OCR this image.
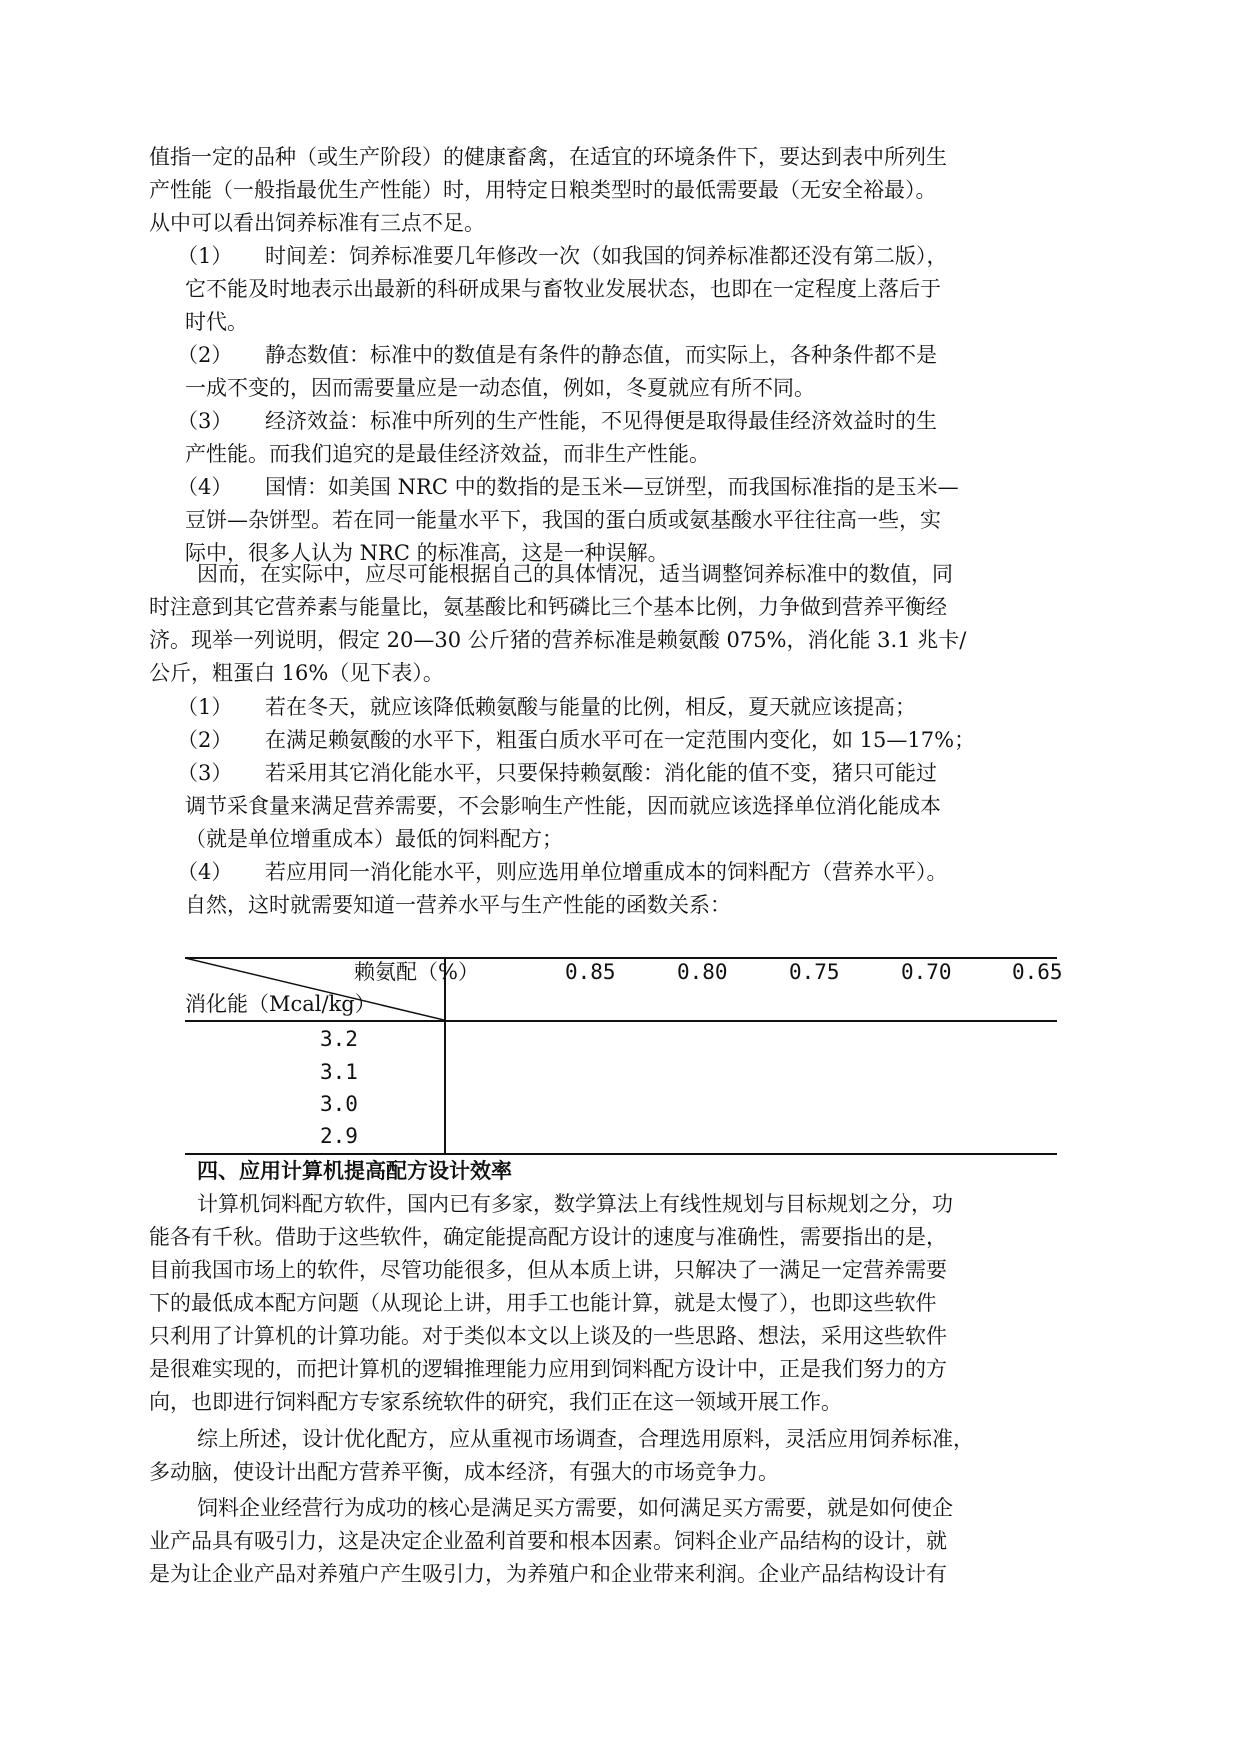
值指一定的品种（或生产阶段）的健康畜禽，在适宜的环境条件下，要达到表中所列生
产性能（一般指最优生产性能）时，用特定日粮类型时的最低需要最（无安全裕最）。
从中可以看出饲养标准有三点不足。
（1） 时间差：饲养标准要几年修改一次（如我国的饲养标准都还没有第二版），
它不能及时地表示出最新的科研成果与畜牧业发展状态，也即在一定程度上落后于
时代。
（2） 静态数值：标准中的数值是有条件的静态值，而实际上，各种条件都不是
一成不变的，因而需要量应是一动态值，例如，冬夏就应有所不同。
（3） 经济效益：标准中所列的生产性能，不见得便是取得最佳经济效益时的生
产性能。而我们追究的是最佳经济效益，而非生产性能。
（4） 国情：如美国 NRC 中的数指的是玉米—豆饼型，而我国标准指的是玉米—
豆饼—杂饼型。若在同一能量水平下，我国的蛋白质或氨基酸水平往往高一些，实
际中，很多人认为 NRC 的标准高，这是一种误解。
因而，在实际中，应尽可能根据自己的具体情况，适当调整饲养标准中的数值，同
时注意到其它营养素与能量比，氨基酸比和钙磷比三个基本比例，力争做到营养平衡经
济。现举一列说明，假定 20—30 公斤猪的营养标准是赖氨酸 075%，消化能 3.1 兆卡/
公斤，粗蛋白 16%（见下表）。
（1） 若在冬天，就应该降低赖氨酸与能量的比例，相反，夏天就应该提高；
（2） 在满足赖氨酸的水平下，粗蛋白质水平可在一定范围内变化，如 15—17%；
（3） 若采用其它消化能水平，只要保持赖氨酸：消化能的值不变，猪只可能过
调节采食量来满足营养需要，不会影响生产性能，因而就应该选择单位消化能成本
（就是单位增重成本）最低的饲料配方；
（4） 若应用同一消化能水平，则应选用单位增重成本的饲料配方（营养水平）。
自然，这时就需要知道一营养水平与生产性能的函数关系：
赖氨配（%）
消化能（Mcal/kg）
0.85	0.80	0.75	0.70	0.65
3.2
3.1
3.0
2.9
四、应用计算机提高配方设计效率
计算机饲料配方软件，国内已有多家，数学算法上有线性规划与目标规划之分，功
能各有千秋。借助于这些软件，确定能提高配方设计的速度与准确性，需要指出的是，
目前我国市场上的软件，尽管功能很多，但从本质上讲，只解决了一满足一定营养需要
下的最低成本配方问题（从现论上讲，用手工也能计算，就是太慢了），也即这些软件
只利用了计算机的计算功能。对于类似本文以上谈及的一些思路、想法，采用这些软件
是很难实现的，而把计算机的逻辑推理能力应用到饲料配方设计中，正是我们努力的方
向，也即进行饲料配方专家系统软件的研究，我们正在这一领域开展工作。
综上所述，设计优化配方，应从重视市场调查，合理选用原料，灵活应用饲养标准，
多动脑，使设计出配方营养平衡，成本经济，有强大的市场竞争力。
饲料企业经营行为成功的核心是满足买方需要，如何满足买方需要，就是如何使企
业产品具有吸引力，这是决定企业盈利首要和根本因素。饲料企业产品结构的设计，就
是为让企业产品对养殖户产生吸引力，为养殖户和企业带来利润。企业产品结构设计有
